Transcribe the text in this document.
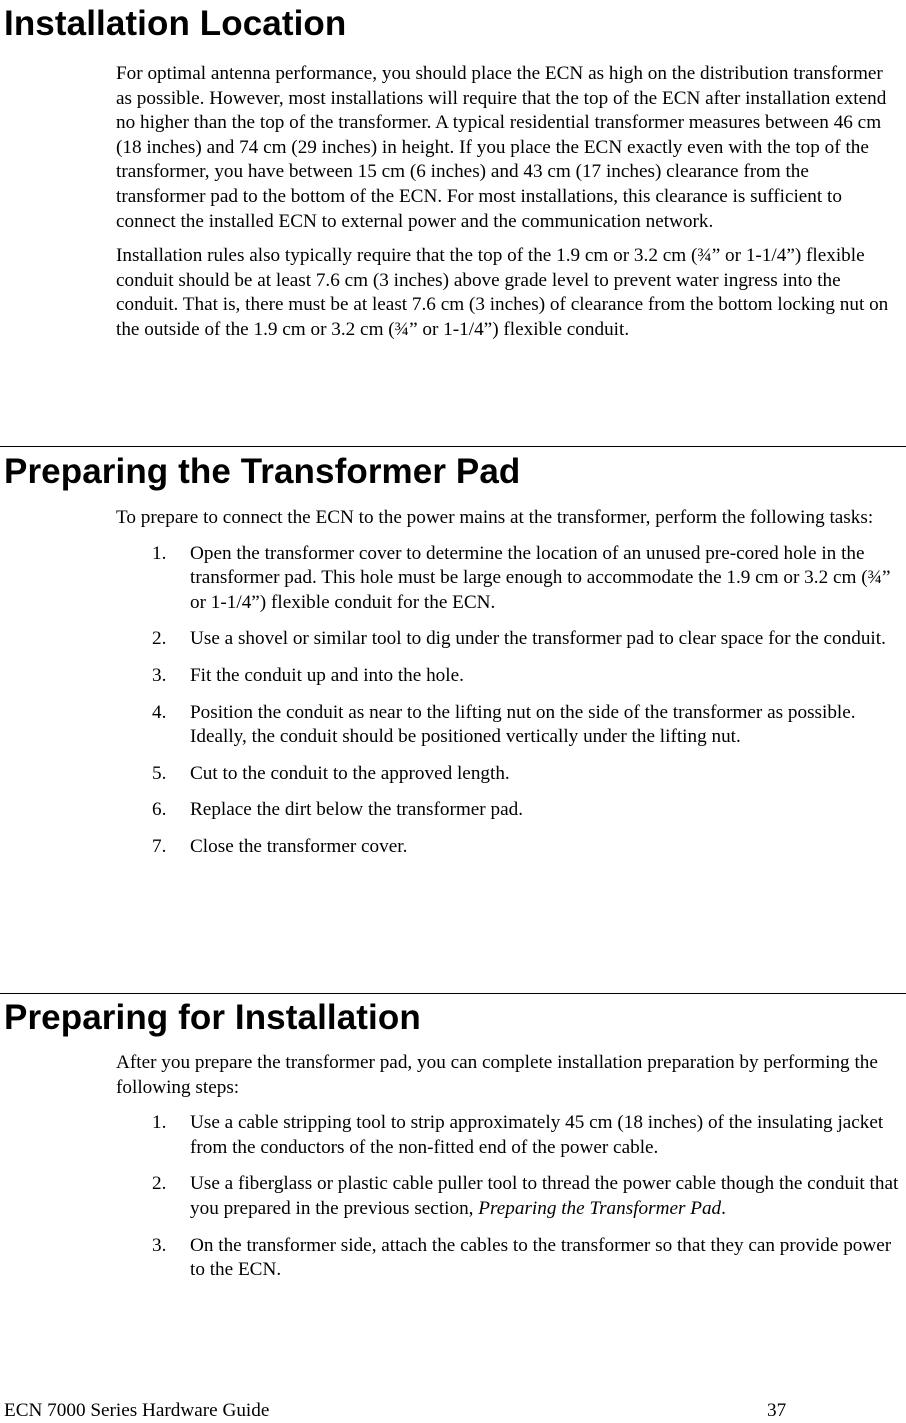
Installation Location

For optimal antenna performance, you should place the ECN as high on the distribution transformer as possible. However, most installations will require that the top of the ECN after installation extend no higher than the top of the transformer. A typical residential transformer measures between 46 cm (18 inches) and 74 cm (29 inches) in height. If you place the ECN exactly even with the top of the transformer, you have between 15 cm (6 inches) and 43 cm (17 inches) clearance from the transformer pad to the bottom of the ECN. For most installations, this clearance is sufficient to connect the installed ECN to external power and the communication network.

Installation rules also typically require that the top of the 1.9 cm or 3.2 cm (¾” or 1-1/4”) flexible conduit should be at least 7.6 cm (3 inches) above grade level to prevent water ingress into the conduit. That is, there must be at least 7.6 cm (3 inches) of clearance from the bottom locking nut on the outside of the 1.9 cm or 3.2 cm (¾” or 1-1/4”) flexible conduit.

Preparing the Transformer Pad

To prepare to connect the ECN to the power mains at the transformer, perform the following tasks:

1. Open the transformer cover to determine the location of an unused pre-cored hole in the transformer pad. This hole must be large enough to accommodate the 1.9 cm or 3.2 cm (¾” or 1-1/4”) flexible conduit for the ECN.
2. Use a shovel or similar tool to dig under the transformer pad to clear space for the conduit.
3. Fit the conduit up and into the hole.
4. Position the conduit as near to the lifting nut on the side of the transformer as possible. Ideally, the conduit should be positioned vertically under the lifting nut.
5. Cut to the conduit to the approved length.
6. Replace the dirt below the transformer pad.
7. Close the transformer cover.
Preparing for Installation

After you prepare the transformer pad, you can complete installation preparation by performing the following steps:

1. Use a cable stripping tool to strip approximately 45 cm (18 inches) of the insulating jacket from the conductors of the non-fitted end of the power cable.
2. Use a fiberglass or plastic cable puller tool to thread the power cable though the conduit that you prepared in the previous section, Preparing the Transformer Pad.
3. On the transformer side, attach the cables to the transformer so that they can provide power to the ECN.
ECN 7000 Series Hardware Guide	37
